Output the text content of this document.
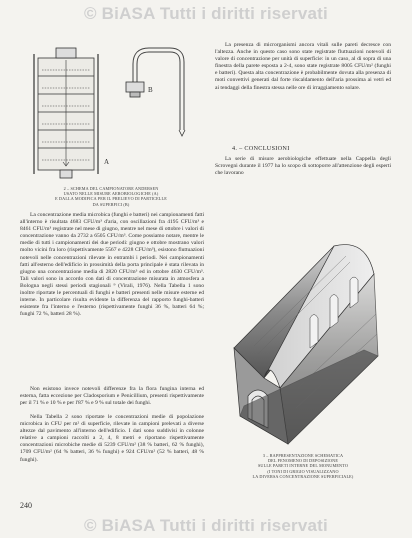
© BiASA Tutti i diritti riservati
A
B
2 – SCHEMA DEL CAMPIONATORE ANDERSEN
USATO NELLE MISURE AEROBIOLOGICHE (A)
E DALLA MODIFICA PER IL PRELIEVO DI PARTICELLE
DA SUPERFICI (B)

La presenza di microrganismi ancora vitali sulle pareti decresce con l'altezza. Anche in questo caso sono state registrate fluttuazioni notevoli di valore di concentrazione per unità di superficie: in un caso, al di sopra di una finestra della parete esposta a 2-4, sono state registrate 8005 CFU/m² (funghi e batteri). Questa alta concentrazione è probabilmente dovuta alla presenza di moti convettivi generati dal forte riscaldamento dell'aria prossima ai vetri ed ai tendaggi della finestra stessa nelle ore di irraggiamento solare.

4. – CONCLUSIONI

La serie di misure aerobiologiche effettuate nella Cappella degli Scrovegni durante il 1977 ha lo scopo di sottoporre all'attenzione degli esperti che lavorano

La concentrazione media microbica (funghi e batteri) nei campionamenti fatti all'interno è risultata 4683 CFU/m³ d'aria, con oscillazioni fra 4195 CFU/m³ e 8461 CFU/m³ registrate nel mese di giugno, mentre nel mese di ottobre i valori di concentrazione vanno da 2732 a 6505 CFU/m³. Come possiamo notare, mentre le medie di tutti i campionamenti dei due periodi: giugno e ottobre mostrano valori molto vicini fra loro (rispettivamente 5567 e 4228 CFU/m³), esistono fluttuazioni notevoli nelle concentrazioni rilevate in entrambi i periodi. Nei campionamenti fatti all'esterno dell'edificio in prossimità della porta principale è stata rilevata in giugno una concentrazione media di 2820 CFU/m³ ed in ottobre 4630 CFU/m³. Tali valori sono in accordo con dati di concentrazione misurata in atmosfera a Bologna negli stessi periodi stagionali ⁹ (Virali, 1976). Nella Tabella 1 sono inoltre riportate le percentuali di funghi e batteri presenti nelle misure esterne ed interne. In particolare risulta evidente la differenza del rapporto funghi-batteri esistente fra l'interno e l'esterno (rispettivamente funghi 36 %, batteri 64 %; funghi 72 %, batteri 28 %).

Non esistono invece notevoli differenze fra la flora fungina interna ed esterna, fatta eccezione per Cladosporium e Penicillium, presenti rispettivamente per il 71 % e 10 % e per l'87 % e 9 % sul totale dei funghi.

Nella Tabella 2 sono riportate le concentrazioni medie di popolazione microbica in CFU per m² di superficie, rilevate in campioni prelevati a diverse altezze dal pavimento all'interno dell'edificio. I dati sono suddivisi in colonne relative a campioni raccolti a 2, 4, 8 metri e riportano rispettivamente concentrazioni microbiche medie di 5239 CFU/m² (38 % batteri, 62 % funghi), 1709 CFU/m² (64 % batteri, 36 % funghi) e 924 CFU/m² (52 % batteri, 48 % funghi).

3 – RAPPRESENTAZIONE SCHEMATICA
DEL FENOMENO DI DEPOSIZIONE
SULLE PARETI INTERNE DEL MONUMENTO
(I TONI DI GRIGIO VISUALIZZANO
LA DIVERSA CONCENTRAZIONE SUPERFICIALE)
240
© BiASA Tutti i diritti riservati
